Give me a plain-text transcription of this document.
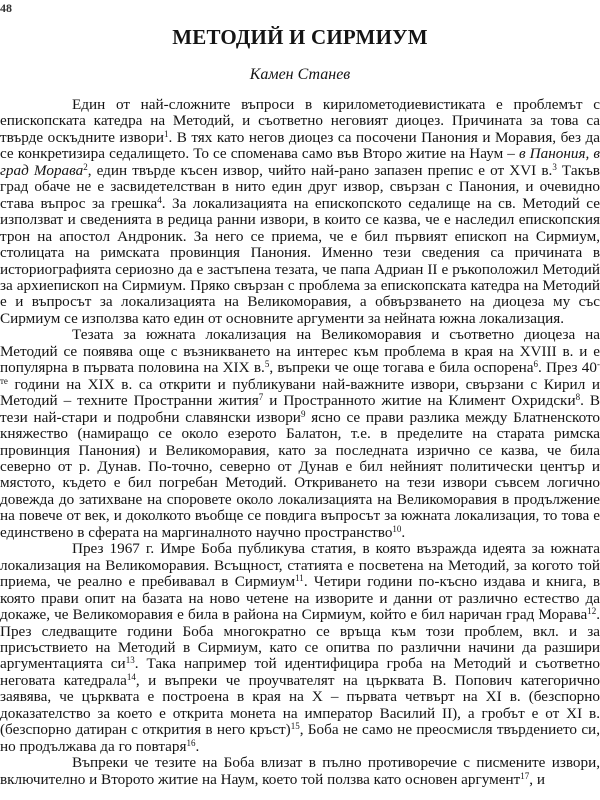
48
МЕТОДИЙ И СИРМИУМ
Камен Станев

Един от най-сложните въпроси в кирилометодиевистиката е проблемът с епископската катедра на Методий, и съответно неговият диоцез. Причината за това са твърде оскъдните извори$^1$. В тях като негов диоцез са посочени Панония и Моравия, без да се конкретизира седалището. То се споменава само във Второ житие на Наум – в Панония, в град Морава$^2$, един твърде късен извор, чийто най-рано запазен препис е от XVI в.$^3$ Такъв град обаче не е засвидетелстван в нито един друг извор, свързан с Панония, и очевидно става въпрос за грешка$^4$. За локализацията на епископското седалище на св. Методий се използват и сведенията в редица ранни извори, в които се казва, че е наследил епископския трон на апостол Андроник. За него се приема, че е бил първият епископ на Сирмиум, столицата на римската провинция Панония. Именно тези сведения са причината в историографията сериозно да е застъпена тезата, че папа Адриан II е ръкоположил Методий за архиепископ на Сирмиум. Пряко свързан с проблема за епископската катедра на Методий е и въпросът за локализацията на Великоморавия, а обвързването на диоцеза му със Сирмиум се използва като един от основните аргументи за нейната южна локализация.

Тезата за южната локализация на Великоморавия и съответно диоцеза на Методий се появява още с възникването на интерес към проблема в края на XVIII в. и е популярна в първата половина на XIX в.$^5$, въпреки че още тогава е била оспорена$^6$. През $40^{-те}$ години на XIX в. са открити и публикувани най-важните извори, свързани с Кирил и Методий – техните Пространни жития$^7$ и Пространното житие на Климент Охридски$^8$. В тези най-стари и подробни славянски извори$^9$ ясно се прави разлика между Блатненското княжество (намиращо се около езерото Балатон, т.е. в пределите на старата римска провинция Панония) и Великоморавия, като за последната изрично се казва, че била северно от р. Дунав. По-точно, северно от Дунав е бил нейният политически център и мястото, където е бил погребан Методий. Откриването на тези извори съвсем логично довежда до затихване на споровете около локализацията на Великоморавия в продължение на повече от век, и доколкото въобще се повдига въпросът за южната локализация, то това е единствено в сферата на маргиналното научно пространство$^{10}$.

През 1967 г. Имре Боба публикува статия, в която възражда идеята за южната локализация на Великоморавия. Всъщност, статията е посветена на Методий, за когото той приема, че реално е пребивавал в Сирмиум$^{11}$. Четири години по-късно издава и книга, в която прави опит на базата на ново четене на изворите и данни от различно естество да докаже, че Великоморавия е била в района на Сирмиум, който е бил наричан град Морава$^{12}$. През следващите години Боба многократно се връща към този проблем, вкл. и за присъствието на Методий в Сирмиум, като се опитва по различни начини да разшири аргументацията $си^{13}$. Така например той идентифицира гроба на Методий и съответно неговата катедрала$^{14}$, и въпреки че проучвателят на църквата В. Попович категорично заявява, че църквата е построена в края на X – първата четвърт на XI в. (безспорно доказателство за което е открита монета на император Василий II), а гробът е от XI в. (безспорно датиран с открития в него кръст)$^{15}$, Боба не само не преосмисля твърдението си, но продължава да го повтаря$^{16}$.

Въпреки че тезите на Боба влизат в пълно противоречие с писмените извори, включително и Второто житие на Наум, което той ползва като основен аргумент$^{17}$, и
